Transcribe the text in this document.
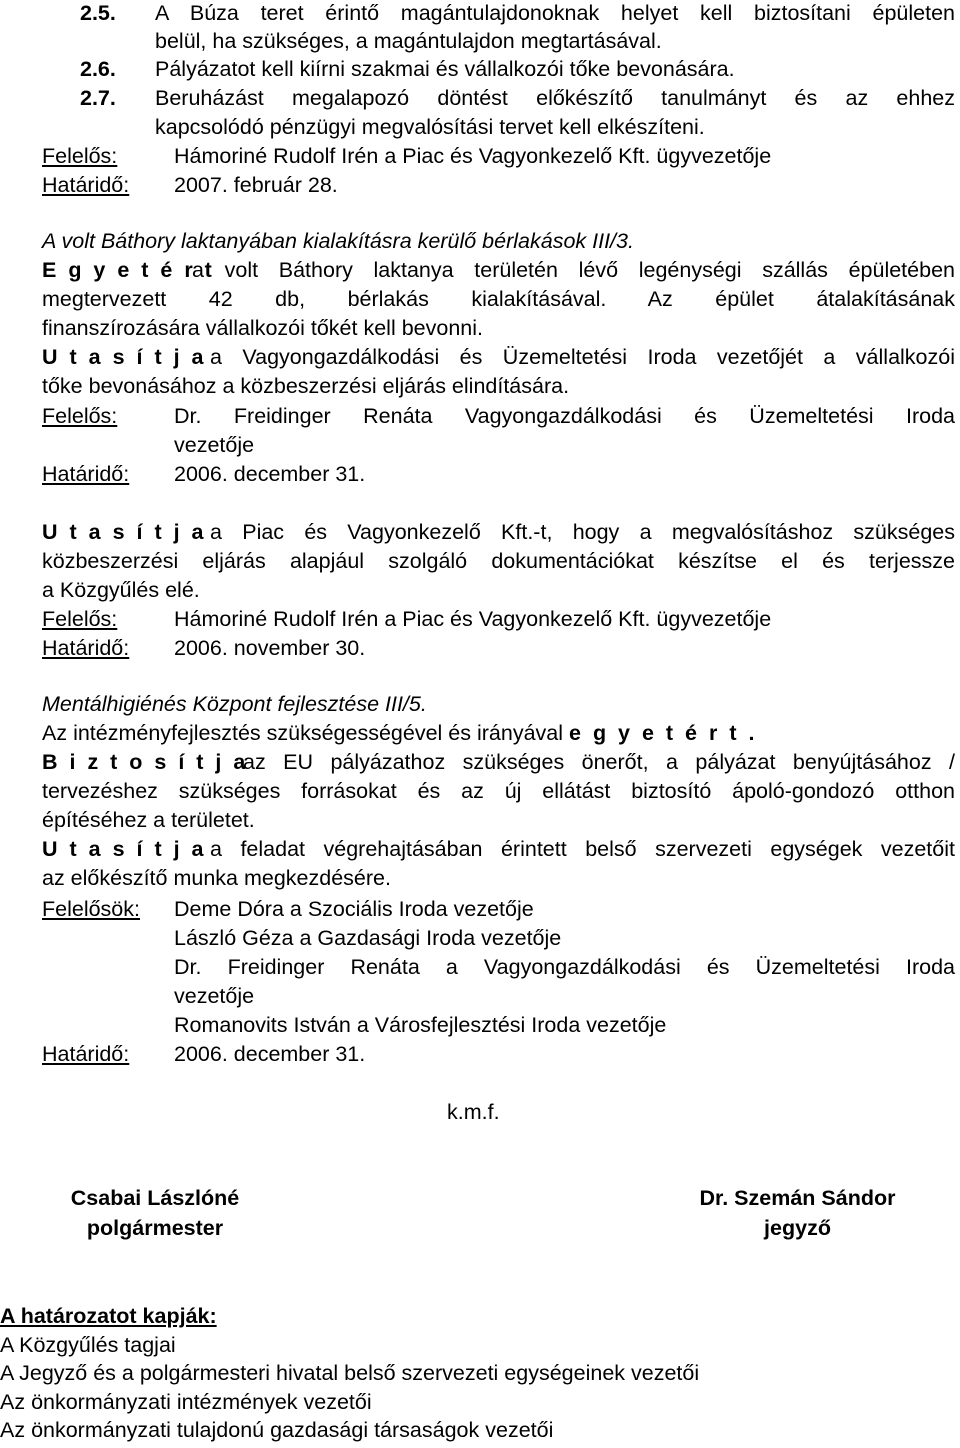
2.5. A Búza teret érintő magántulajdonoknak helyet kell biztosítani épületen
belül, ha szükséges, a magántulajdon megtartásával.
2.6. Pályázatot kell kiírni szakmai és vállalkozói tőke bevonására.
2.7. Beruházást megalapozó döntést előkészítő tanulmányt és az ehhez
kapcsolódó pénzügyi megvalósítási tervet kell elkészíteni.
Felelős:	Hámoriné Rudolf Irén a Piac és Vagyonkezelő Kft. ügyvezetője
Határidő: 2007. február 28.
A volt Báthory laktanyában kialakításra kerülő bérlakások III/3.
E g y e t é r t
a volt Báthory laktanya területén lévő legénységi szállás épületében
megtervezett 42 db, bérlakás kialakításával. Az épület átalakításának
finanszírozására vállalkozói tőkét kell bevonni.
U t a s í t j a a Vagyongazdálkodási és Üzemeltetési Iroda vezetőjét a vállalkozói
tőke bevonásához a közbeszerzési eljárás elindítására.
Felelős:	Dr. Freidinger Renáta Vagyongazdálkodási és Üzemeltetési Iroda
vezetője
Határidő: 2006. december 31.
U t a s í t j a a Piac és Vagyonkezelő Kft.-t, hogy a megvalósításhoz szükséges
közbeszerzési eljárás alapjául szolgáló dokumentációkat készítse el és terjessze
a Közgyűlés elé.
Felelős:	Hámoriné Rudolf Irén a Piac és Vagyonkezelő Kft. ügyvezetője
Határidő: 2006. november 30.
Mentálhigiénés Központ fejlesztése III/5.
Az intézményfejlesztés szükségességével és irányával e g y e t é r t .
B i z t o s í t j a
az EU pályázathoz szükséges önerőt, a pályázat benyújtásához /
tervezéshez szükséges forrásokat és az új ellátást biztosító ápoló-gondozó otthon
építéséhez a területet.
U t a s í t j a a feladat végrehajtásában érintett belső szervezeti egységek vezetőit
az előkészítő munka megkezdésére.
Felelősök: Deme Dóra a Szociális Iroda vezetője
László Géza a Gazdasági Iroda vezetője
Dr. Freidinger Renáta a Vagyongazdálkodási és Üzemeltetési Iroda
vezetője
Romanovits István a Városfejlesztési Iroda vezetője
Határidő: 2006. december 31.
k.m.f.
Csabai Lászlóné
polgármester
Dr. Szemán Sándor
jegyző
A határozatot kapják:
A Közgyűlés tagjai
A Jegyző és a polgármesteri hivatal belső szervezeti egységeinek vezetői
Az önkormányzati intézmények vezetői
Az önkormányzati tulajdonú gazdasági társaságok vezetői
